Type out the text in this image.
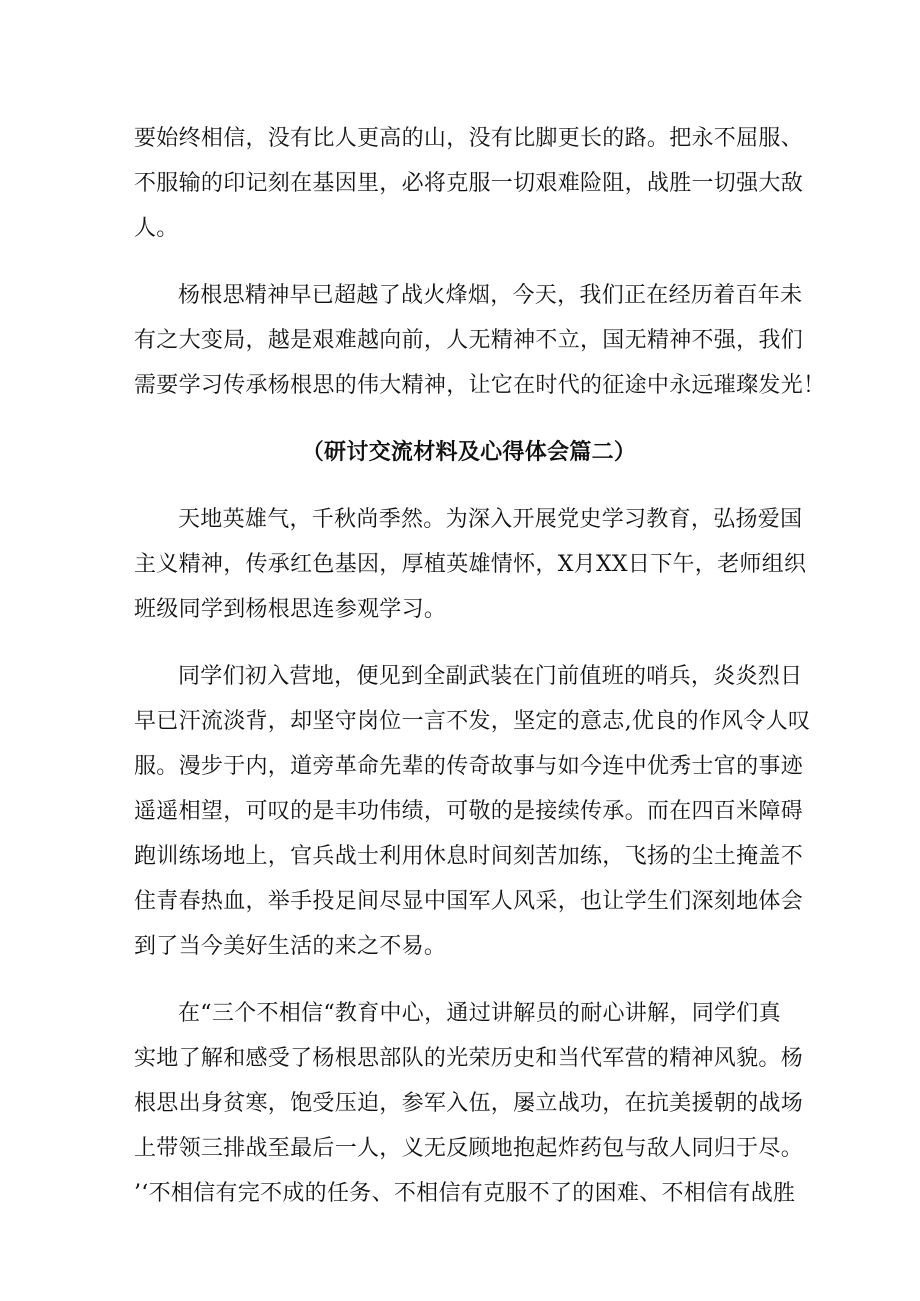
要始终相信，没有比人更高的山，没有比脚更长的路。把永不屈服、
不服输的印记刻在基因里，必将克服一切艰难险阻，战胜一切强大敌
人。
杨根思精神早已超越了战火烽烟，今天，我们正在经历着百年未
有之大变局，越是艰难越向前，人无精神不立，国无精神不强，我们
需要学习传承杨根思的伟大精神，让它在时代的征途中永远璀璨发光！
（研讨交流材料及心得体会篇二）
天地英雄气，千秋尚季然。为深入开展党史学习教育，弘扬爱国
主义精神，传承红色基因，厚植英雄情怀，X月XX日下午，老师组织
班级同学到杨根思连参观学习。
同学们初入营地，便见到全副武装在门前值班的哨兵，炎炎烈日
早已汗流淡背，却坚守岗位一言不发，坚定的意志,优良的作风令人叹
服。漫步于内，道旁革命先辈的传奇故事与如今连中优秀士官的事迹
遥遥相望，可叹的是丰功伟绩，可敬的是接续传承。而在四百米障碍
跑训练场地上，官兵战士利用休息时间刻苦加练，飞扬的尘土掩盖不
住青春热血，举手投足间尽显中国军人风采，也让学生们深刻地体会
到了当今美好生活的来之不易。
在“三个不相信“教育中心，通过讲解员的耐心讲解，同学们真
实地了解和感受了杨根思部队的光荣历史和当代军营的精神风貌。杨
根思出身贫寒，饱受压迫，参军入伍，屡立战功，在抗美援朝的战场
上带领三排战至最后一人，义无反顾地抱起炸药包与敌人同归于尽。
’‘不相信有完不成的任务、不相信有克服不了的困难、不相信有战胜
